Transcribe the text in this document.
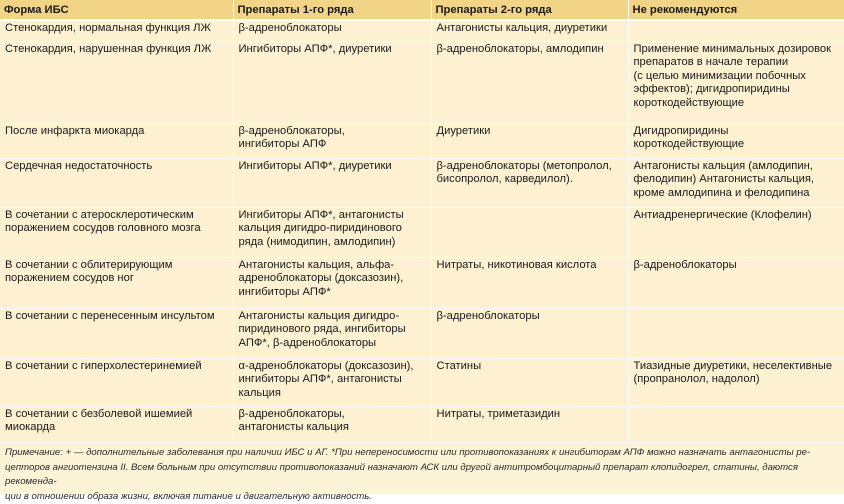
Форма ИБС	Препараты 1-го ряда	Препараты 2-го ряда	Не рекомендуются
Стенокардия, нормальная функция ЛЖ	β-адреноблокаторы	Антагонисты кальция, диуретики	
Стенокардия, нарушенная функция ЛЖ	Ингибиторы АПФ*, диуретики	β-адреноблокаторы, амлодипин	Применение минимальных дозировок
препаратов в начале терапии
(с целью минимизации побочных
эффектов); дигидропиридины
короткодействующие
После инфаркта миокарда	β-адреноблокаторы,
ингибиторы АПФ	Диуретики	Дигидропиридины
короткодействующие
Сердечная недостаточность	Ингибиторы АПФ*, диуретики	β-адреноблокаторы (метопролол,
бисопролол, карведилол).	Антагонисты кальция (амлодипин,
фелодипин) Антагонисты кальция,
кроме амлодипина и фелодипина
В сочетании с атеросклеротическим
поражением сосудов головного мозга	Ингибиторы АПФ*, антагонисты
кальция дигидро-пиридинового
ряда (нимодипин, амлодипин)		Антиадренергические (Клофелин)
В сочетании с облитерирующим
поражением сосудов ног	Антагонисты кальция, альфа-
адреноблокаторы (доксазозин),
ингибиторы АПФ*	Нитраты, никотиновая кислота	β-адреноблокаторы
В сочетании с перенесенным инсультом	Антагонисты кальция дигидро-
пиридинового ряда, ингибиторы
АПФ*, β-адреноблокаторы	β-адреноблокаторы	
В сочетании с гиперхолестеринемией	α-адреноблокаторы (доксазозин),
ингибиторы АПФ*, антагонисты
кальция	Статины	Тиазидные диуретики, неселективные
(пропранолол, надолол)
В сочетании с безболевой ишемией
миокарда	β-адреноблокаторы,
антагонисты кальция	Нитраты, триметазидин	
Примечание: + — дополнительные заболевания при наличии ИБС и АГ. *При непереносимости или противопоказаниях к ингибиторам АПФ можно назначать антагонисты ре-
цепторов ангиотензина II. Всем больным при отсутствии противопоказаний назначают АСК или другой антитромбоцитарный препарат клопидогрел, статины, даются рекоменда-
ции в отношении образа жизни, включая питание и двигательную активность.
